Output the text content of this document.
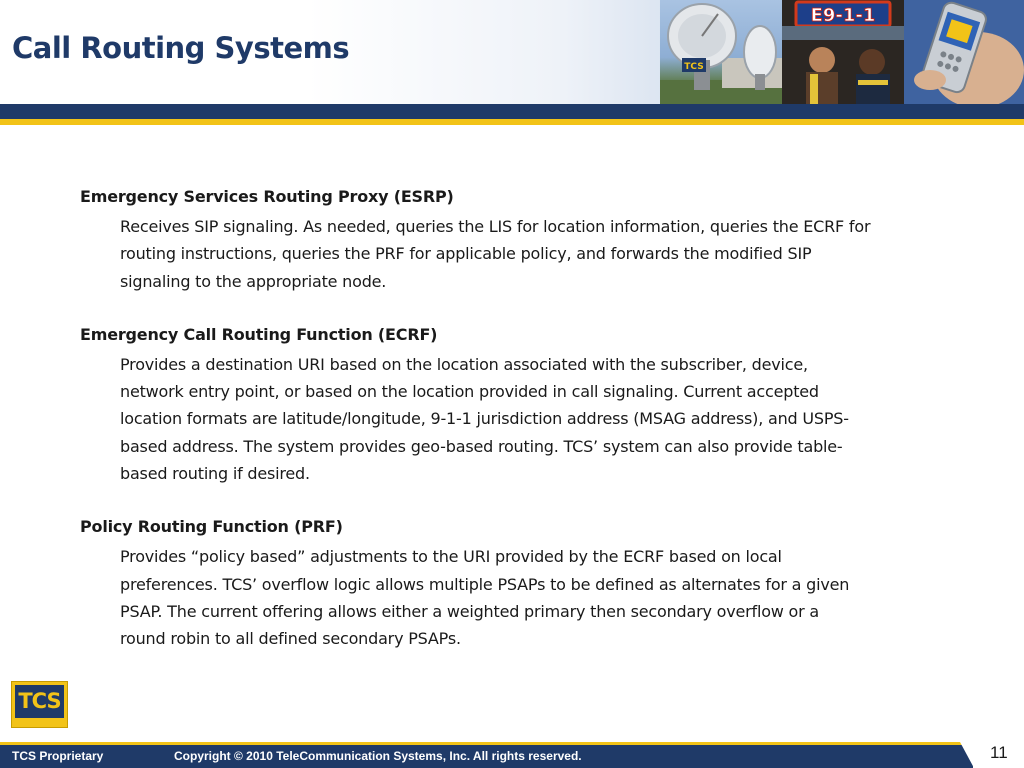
Call Routing Systems
TCS
E9-1-1
Emergency Services Routing Proxy (ESRP)
Receives SIP signaling. As needed, queries the LIS for location information, queries the ECRF for
routing instructions, queries the PRF for applicable policy, and forwards the modified SIP
signaling to the appropriate node.
Emergency Call Routing Function (ECRF)
Provides a destination URI based on the location associated with the subscriber, device,
network entry point, or based on the location provided in call signaling. Current accepted
location formats are latitude/longitude, 9-1-1 jurisdiction address (MSAG address), and USPS-
based address. The system provides geo-based routing. TCS’ system can also provide table-
based routing if desired.
Policy Routing Function (PRF)
Provides “policy based” adjustments to the URI provided by the ECRF based on local
preferences. TCS’ overflow logic allows multiple PSAPs to be defined as alternates for a given
PSAP. The current offering allows either a weighted primary then secondary overflow or a
round robin to all defined secondary PSAPs.
TCS
TCS Proprietary	Copyright © 2010 TeleCommunication Systems, Inc. All rights reserved.	11
